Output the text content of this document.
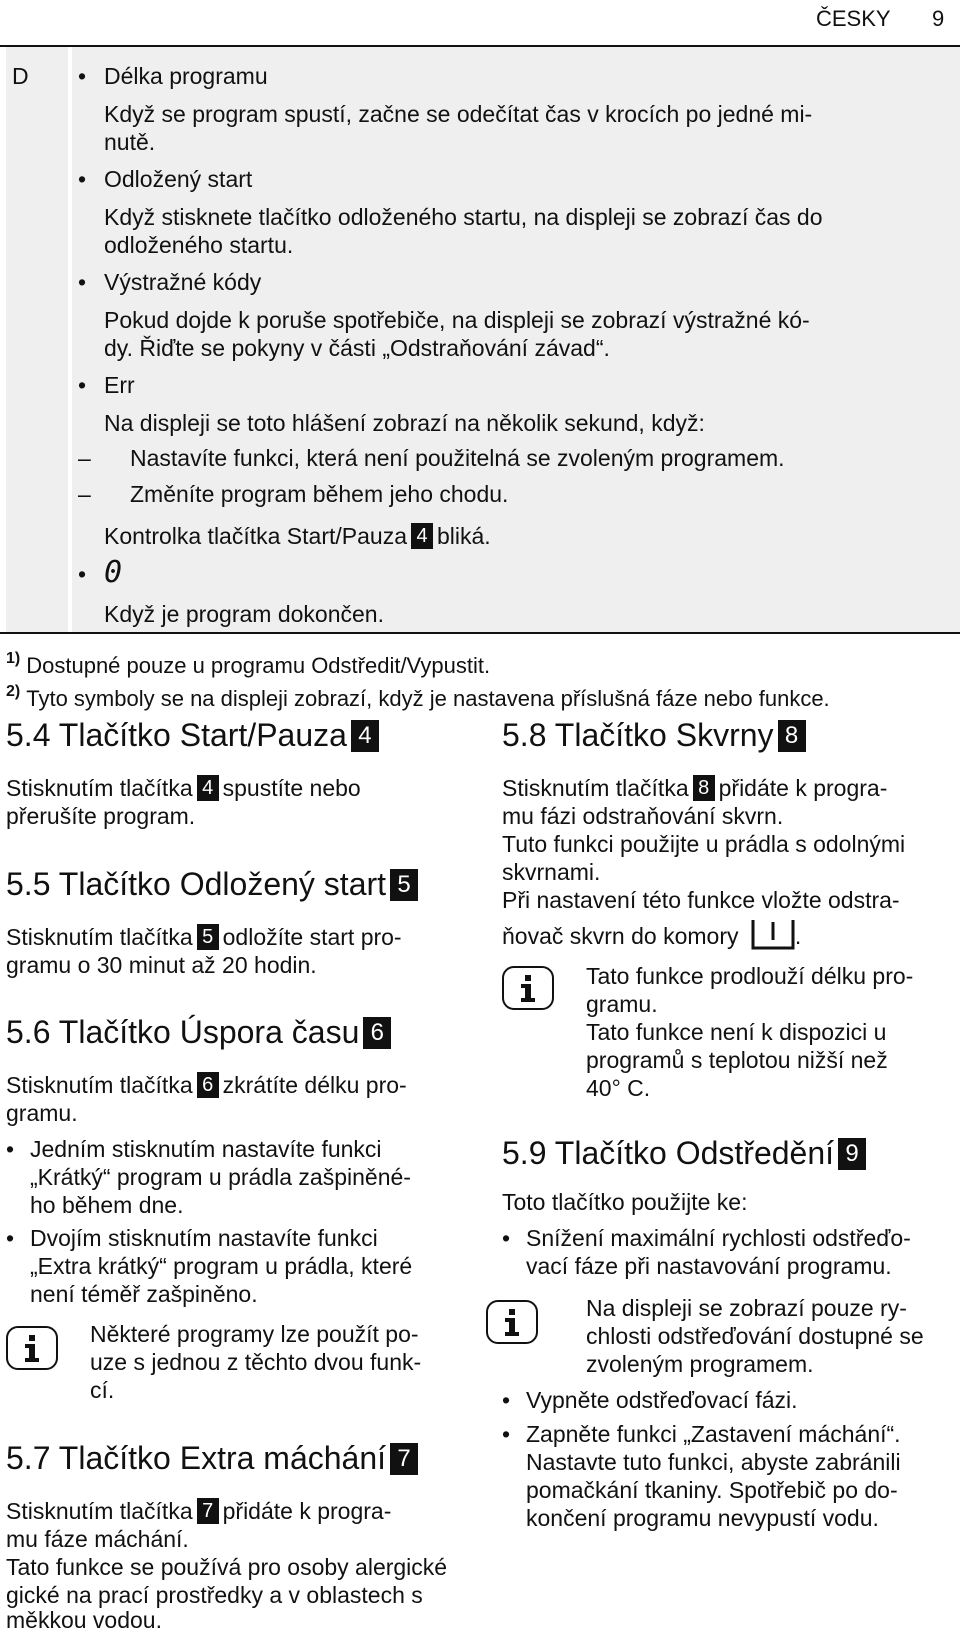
ČESKY 9
D • Délka programu
Když se program spustí, začne se odečítat čas v krocích po jedné mi-
nutě.
• Odložený start
Když stisknete tlačítko odloženého startu, na displeji se zobrazí čas do
odloženého startu.
• Výstražné kódy
Pokud dojde k poruše spotřebiče, na displeji se zobrazí výstražné kó-
dy. Řiďte se pokyny v části „Odstraňování závad“.
• Err
Na displeji se toto hlášení zobrazí na několik sekund, když:
– Nastavíte funkci, která není použitelná se zvoleným programem.
– Změníte program během jeho chodu.
Kontrolka tlačítka Start/Pauza 4 bliká.
• 0
Když je program dokončen.
$^{1)}$ Dostupné pouze u programu Odstředit/Vypustit.
$^{2)}$ Tyto symboly se na displeji zobrazí, když je nastavena příslušná fáze nebo funkce.
5.4 Tlačítko Start/Pauza 4
Stisknutím tlačítka 4 spustíte nebo
přerušíte program.
5.5 Tlačítko Odložený start 5
Stisknutím tlačítka 5 odložíte start pro-
gramu o 30 minut až 20 hodin.
5.6 Tlačítko Úspora času 6
Stisknutím tlačítka 6 zkrátíte délku pro-
gramu.
• Jedním stisknutím nastavíte funkci
„Krátký“ program u prádla zašpiněné-
ho během dne.
• Dvojím stisknutím nastavíte funkci
„Extra krátký“ program u prádla, které
není téměř zašpiněno.
Některé programy lze použít po-
uze s jednou z těchto dvou funk-
cí.
5.7 Tlačítko Extra máchání 7
Stisknutím tlačítka 7 přidáte k progra-
mu fáze máchání.
Tato funkce se používá pro osoby alergické
gické na prací prostředky a v oblastech s
měkkou vodou.
5.8 Tlačítko Skvrny 8
Stisknutím tlačítka 8 přidáte k progra-
mu fázi odstraňování skvrn.
Tuto funkci použijte u prádla s odolnými
skvrnami.
Při nastavení této funkce vložte odstra-
ňovač skvrn do komory .
Tato funkce prodlouží délku pro-
gramu.
Tato funkce není k dispozici u
programů s teplotou nižší než
40° C.
5.9 Tlačítko Odstředění 9
Toto tlačítko použijte ke:
• Snížení maximální rychlosti odstřeďo-
vací fáze při nastavování programu.
Na displeji se zobrazí pouze ry-
chlosti odstřeďování dostupné se
zvoleným programem.
• Vypněte odstřeďovací fázi.
• Zapněte funkci „Zastavení máchání“.
Nastavte tuto funkci, abyste zabránili
pomačkání tkaniny. Spotřebič po do-
končení programu nevypustí vodu.
